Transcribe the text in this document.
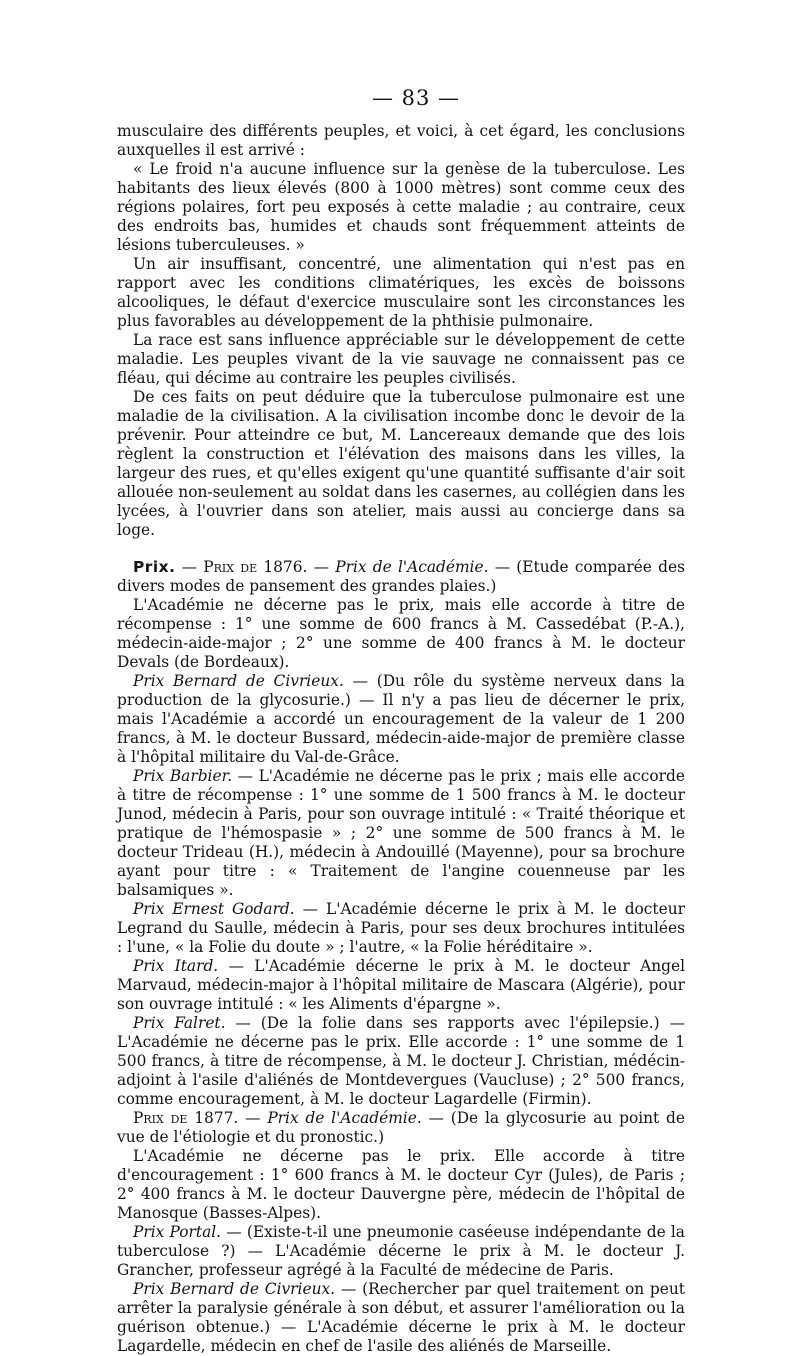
— 83 —

musculaire des différents peuples, et voici, à cet égard, les conclusions auxquelles il est arrivé :

« Le froid n'a aucune influence sur la genèse de la tuberculose. Les habitants des lieux élevés (800 à 1000 mètres) sont comme ceux des régions polaires, fort peu exposés à cette maladie ; au contraire, ceux des endroits bas, humides et chauds sont fréquemment atteints de lésions tuberculeuses. »

Un air insuffisant, concentré, une alimentation qui n'est pas en rapport avec les conditions climatériques, les excès de boissons alcooliques, le défaut d'exercice musculaire sont les circonstances les plus favorables au développement de la phthisie pulmonaire.

La race est sans influence appréciable sur le développement de cette maladie. Les peuples vivant de la vie sauvage ne connaissent pas ce fléau, qui décime au contraire les peuples civilisés.

De ces faits on peut déduire que la tuberculose pulmonaire est une maladie de la civilisation. A la civilisation incombe donc le devoir de la prévenir. Pour atteindre ce but, M. Lancereaux demande que des lois règlent la construction et l'élévation des maisons dans les villes, la largeur des rues, et qu'elles exigent qu'une quantité suffisante d'air soit allouée non-seulement au soldat dans les casernes, au collégien dans les lycées, à l'ouvrier dans son atelier, mais aussi au concierge dans sa loge.

Prix. — Prix de 1876. — Prix de l'Académie. — (Etude comparée des divers modes de pansement des grandes plaies.)

L'Académie ne décerne pas le prix, mais elle accorde à titre de récompense : 1° une somme de 600 francs à M. Cassedébat (P.-A.), médecin-aide-major ; 2° une somme de 400 francs à M. le docteur Devals (de Bordeaux).

Prix Bernard de Civrieux. — (Du rôle du système nerveux dans la production de la glycosurie.) — Il n'y a pas lieu de décerner le prix, mais l'Académie a accordé un encouragement de la valeur de 1 200 francs, à M. le docteur Bussard, médecin-aide-major de première classe à l'hôpital militaire du Val-de-Grâce.

Prix Barbier. — L'Académie ne décerne pas le prix ; mais elle accorde à titre de récompense : 1° une somme de 1 500 francs à M. le docteur Junod, médecin à Paris, pour son ouvrage intitulé : « Traité théorique et pratique de l'hémospasie » ; 2° une somme de 500 francs à M. le docteur Trideau (H.), médecin à Andouillé (Mayenne), pour sa brochure ayant pour titre : « Traitement de l'angine couenneuse par les balsamiques ».

Prix Ernest Godard. — L'Académie décerne le prix à M. le docteur Legrand du Saulle, médecin à Paris, pour ses deux brochures intitulées : l'une, « la Folie du doute » ; l'autre, « la Folie héréditaire ».

Prix Itard. — L'Académie décerne le prix à M. le docteur Angel Marvaud, médecin-major à l'hôpital militaire de Mascara (Algérie), pour son ouvrage intitulé : « les Aliments d'épargne ».

Prix Falret. — (De la folie dans ses rapports avec l'épilepsie.) — L'Académie ne décerne pas le prix. Elle accorde : 1° une somme de 1 500 francs, à titre de récompense, à M. le docteur J. Christian, médécin-adjoint à l'asile d'aliénés de Montdevergues (Vaucluse) ; 2° 500 francs, comme encouragement, à M. le docteur Lagardelle (Firmin).

Prix de 1877. — Prix de l'Académie. — (De la glycosurie au point de vue de l'étiologie et du pronostic.)

L'Académie ne décerne pas le prix. Elle accorde à titre d'encouragement : 1° 600 francs à M. le docteur Cyr (Jules), de Paris ; 2° 400 francs à M. le docteur Dauvergne père, médecin de l'hôpital de Manosque (Basses-Alpes).

Prix Portal. — (Existe-t-il une pneumonie caséeuse indépendante de la tuberculose ?) — L'Académie décerne le prix à M. le docteur J. Grancher, professeur agrégé à la Faculté de médecine de Paris.

Prix Bernard de Civrieux. — (Rechercher par quel traitement on peut arrêter la paralysie générale à son début, et assurer l'amélioration ou la guérison obtenue.) — L'Académie décerne le prix à M. le docteur Lagardelle, médecin en chef de l'asile des aliénés de Marseille.
